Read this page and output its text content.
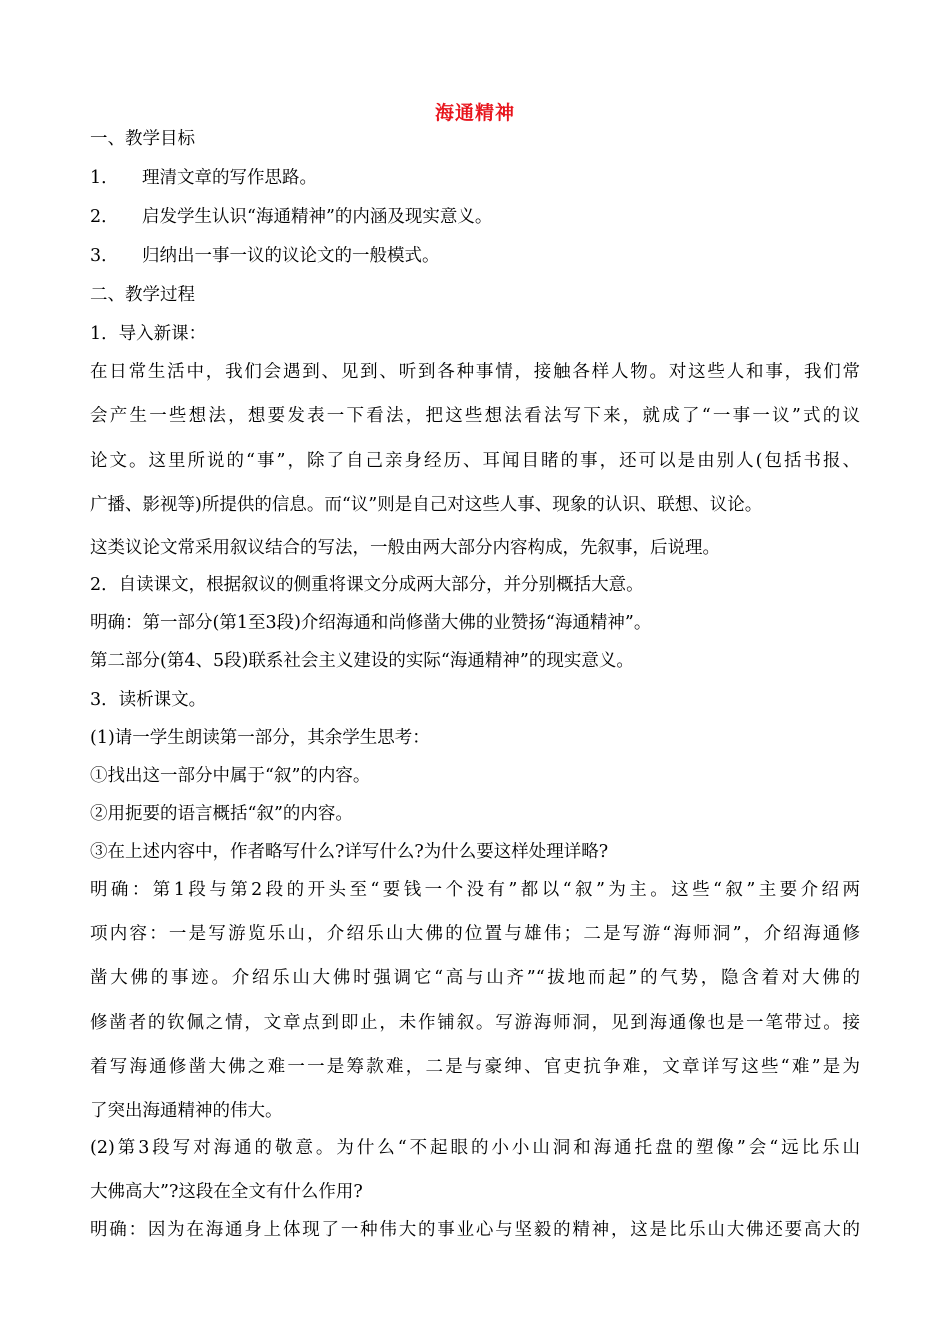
海通精神
一、教学目标
1． 理清文章的写作思路。
2． 启发学生认识“海通精神”的内涵及现实意义。
3． 归纳出一事一议的议论文的一般模式。
二、教学过程
1．导入新课：
在日常生活中，我们会遇到、见到、听到各种事情，接触各样人物。对这些人和事，我们常
会产生一些想法，想要发表一下看法，把这些想法看法写下来，就成了“一事一议”式的议
论文。这里所说的“事”，除了自己亲身经历、耳闻目睹的事，还可以是由别人(包括书报、
广播、影视等)所提供的信息。而“议”则是自己对这些人事、现象的认识、联想、议论。
这类议论文常采用叙议结合的写法，一般由两大部分内容构成，先叙事，后说理。
2．自读课文，根据叙议的侧重将课文分成两大部分，并分别概括大意。
明确：第一部分(第1至3段)介绍海通和尚修凿大佛的业赞扬“海通精神”。
第二部分(第4、5段)联系社会主义建设的实际“海通精神”的现实意义。
3．读析课文。
(1)请一学生朗读第一部分，其余学生思考：
①找出这一部分中属于“叙”的内容。
②用扼要的语言概括“叙”的内容。
③在上述内容中，作者略写什么?详写什么?为什么要这样处理详略?
明确：第1段与第2段的开头至“要钱一个没有”都以“叙”为主。这些“叙”主要介绍两
项内容：一是写游览乐山，介绍乐山大佛的位置与雄伟；二是写游“海师洞”，介绍海通修
凿大佛的事迹。介绍乐山大佛时强调它“高与山齐”“拔地而起”的气势，隐含着对大佛的
修凿者的钦佩之情，文章点到即止，未作铺叙。写游海师洞，见到海通像也是一笔带过。接
着写海通修凿大佛之难一一是筹款难，二是与豪绅、官吏抗争难，文章详写这些“难”是为
了突出海通精神的伟大。
(2)第3段写对海通的敬意。为什么“不起眼的小小山洞和海通托盘的塑像”会“远比乐山
大佛高大”?这段在全文有什么作用?
明确：因为在海通身上体现了一种伟大的事业心与坚毅的精神，这是比乐山大佛还要高大的
